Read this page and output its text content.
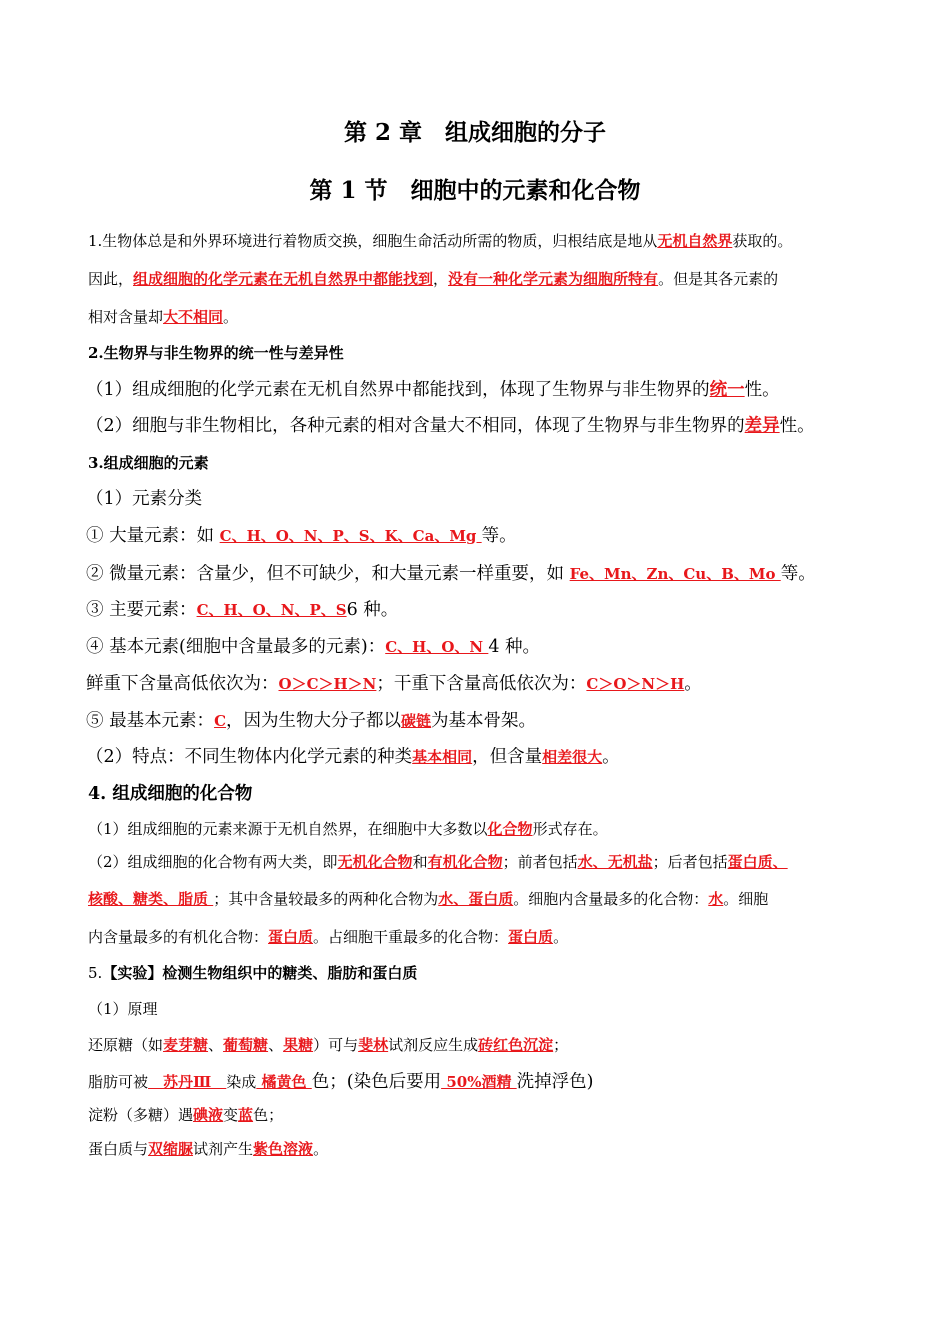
第 2 章　组成细胞的分子
第 1 节　细胞中的元素和化合物
1.生物体总是和外界环境进行着物质交换，细胞生命活动所需的物质，归根结底是地从无机自然界获取的。
因此，组成细胞的化学元素在无机自然界中都能找到，没有一种化学元素为细胞所特有。但是其各元素的
相对含量却大不相同。
2.生物界与非生物界的统一性与差异性
（1）组成细胞的化学元素在无机自然界中都能找到，体现了生物界与非生物界的统一性。
（2）细胞与非生物相比，各种元素的相对含量大不相同，体现了生物界与非生物界的差异性。
3.组成细胞的元素
（1）元素分类
① 大量元素：如 C、H、O、N、P、S、K、Ca、Mg 等。
② 微量元素：含量少，但不可缺少，和大量元素一样重要，如 Fe、Mn、Zn、Cu、B、Mo 等。
③ 主要元素：C、H、O、N、P、S6 种。
④ 基本元素(细胞中含量最多的元素)：C、H、O、N 4 种。
鲜重下含量高低依次为：O＞C＞H＞N；干重下含量高低依次为：C＞O＞N＞H。
⑤ 最基本元素：C，因为生物大分子都以碳链为基本骨架。
（2）特点：不同生物体内化学元素的种类基本相同，但含量相差很大。
4. 组成细胞的化合物
（1）组成细胞的元素来源于无机自然界，在细胞中大多数以化合物形式存在。
（2）组成细胞的化合物有两大类，即无机化合物和有机化合物；前者包括水、无机盐；后者包括蛋白质、
核酸、糖类、脂质 ；其中含量较最多的两种化合物为水、蛋白质。细胞内含量最多的化合物：水。细胞
内含量最多的有机化合物：蛋白质。占细胞干重最多的化合物：蛋白质。
5.【实验】检测生物组织中的糖类、脂肪和蛋白质
（1）原理
还原糖（如麦芽糖、葡萄糖、果糖）可与斐林试剂反应生成砖红色沉淀；
脂肪可被　苏丹Ⅲ　染成 橘黄色 色；(染色后要用 50%酒精 洗掉浮色)
淀粉（多糖）遇碘液变蓝色；
蛋白质与双缩脲试剂产生紫色溶液。
